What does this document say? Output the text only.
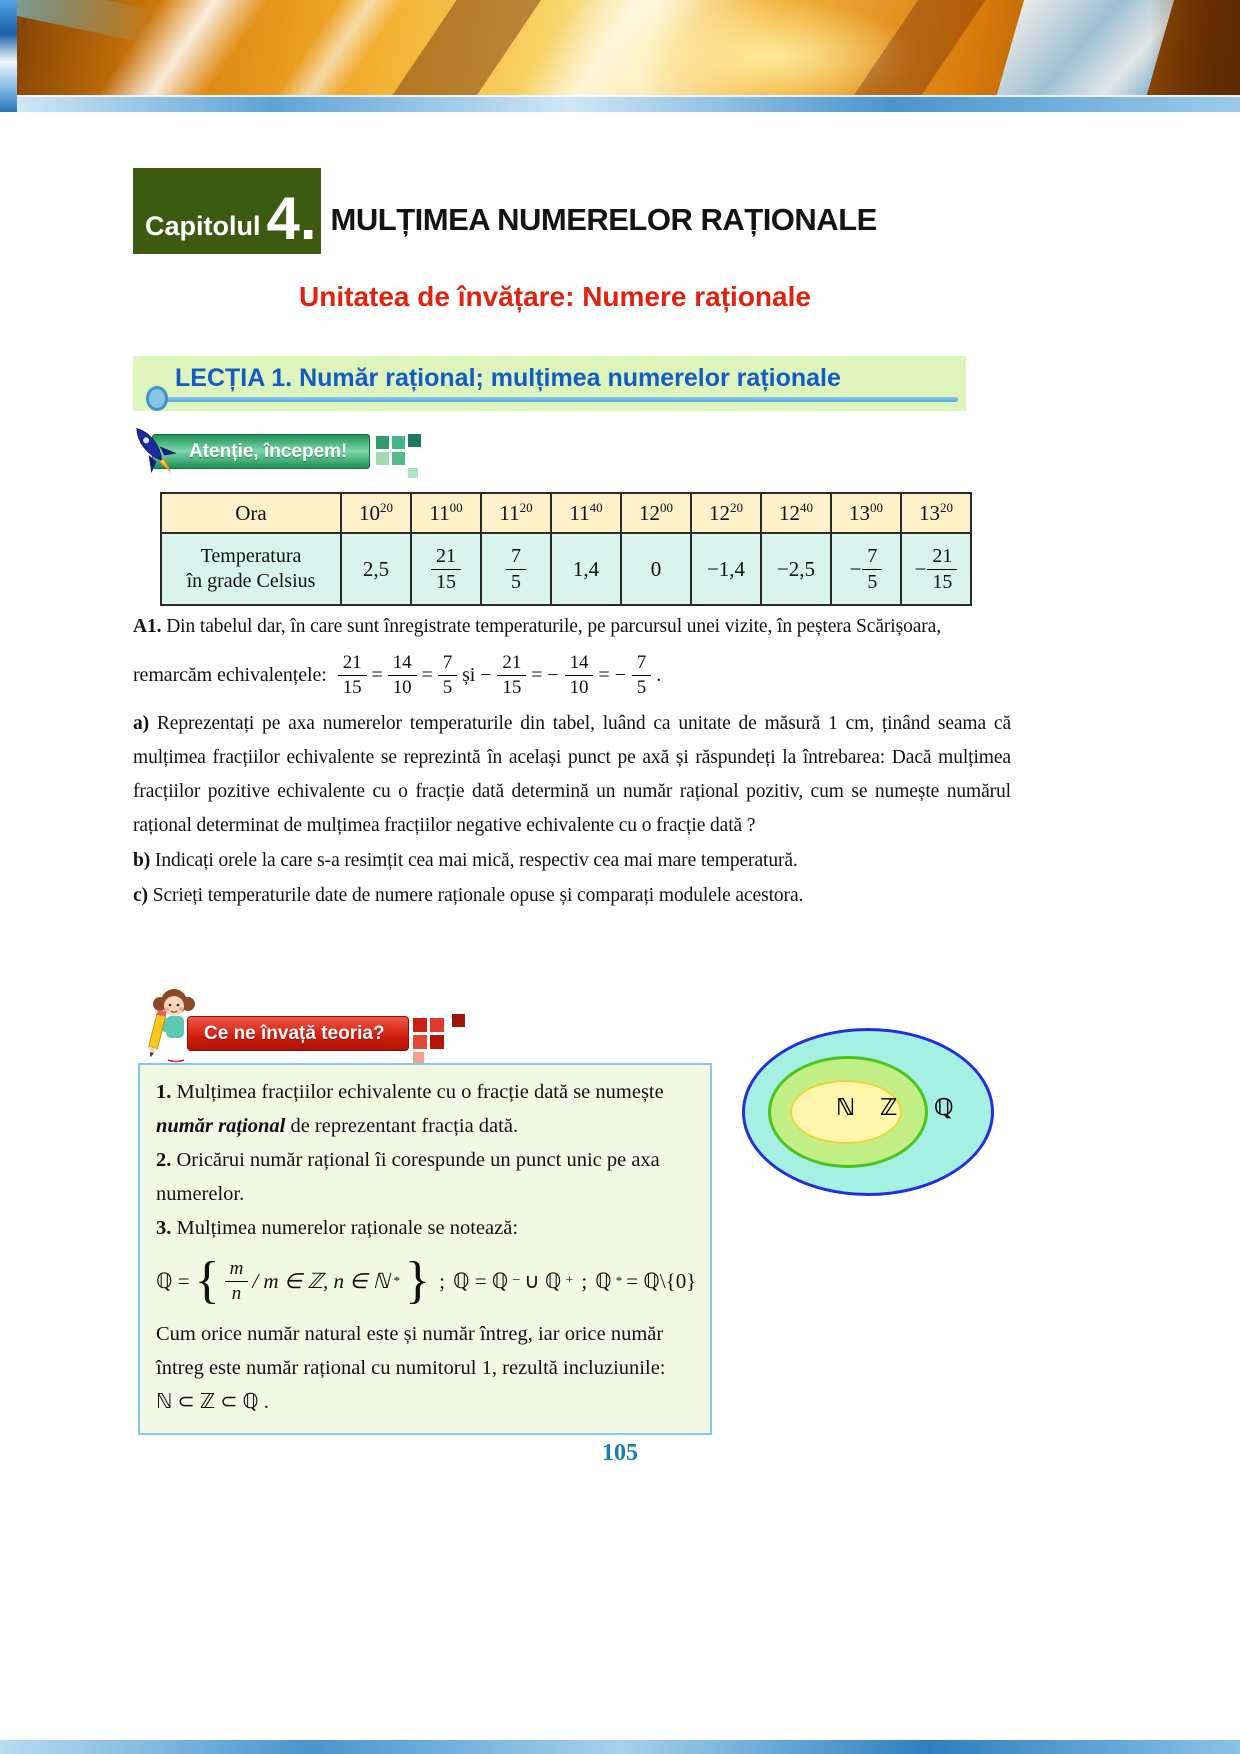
Capitolul 4. MULȚIMEA NUMERELOR RAȚIONALE
Unitatea de învățare: Numere raționale
LECȚIA 1. Număr rațional; mulțimea numerelor raționale
Atenție, începem!
Ora	$10^{20}$	$11^{00}$	$11^{20}$	$11^{40}$	$12^{00}$	$12^{20}$	$12^{40}$	$13^{00}$	$13^{20}$

Temperatura
în grade Celsius	2,5	$\frac{21}{15}$	$\frac{7}{5}$	1,4	0	−1,4	−2,5	− $\frac{7}{5}$	− $\frac{21}{15}$
A1. Din tabelul dar, în care sunt înregistrate temperaturile, pe parcursul unei vizite, în peștera Scărișoara,
remarcăm echivalențele: $\frac{21}{15} = \frac{14}{10} = \frac{7}{5}$ și − $\frac{21}{15}$ = − $\frac{14}{10}$ = − $\frac{7}{5}$ .
a) Reprezentați pe axa numerelor temperaturile din tabel, luând ca unitate de măsură 1 cm, ținând seama că mulțimea fracțiilor echivalente se reprezintă în același punct pe axă și răspundeți la întrebarea: Dacă mulțimea fracțiilor pozitive echivalente cu o fracție dată determină un număr rațional pozitiv, cum se numește numărul rațional determinat de mulțimea fracțiilor negative echivalente cu o fracție dată ?
b) Indicați orele la care s-a resimțit cea mai mică, respectiv cea mai mare temperatură.
c) Scrieți temperaturile date de numere raționale opuse și comparați modulele acestora.
Ce ne învață teoria?
1. Mulțimea fracțiilor echivalente cu o fracție dată se numește
număr rațional de reprezentant fracția dată.
2. Oricărui număr rațional îi corespunde un punct unic pe axa
numerelor.
3. Mulțimea numerelor raționale se notează:
ℚ = { $\frac{m}{n}$ / m ∈ ℤ, n ∈ ℕ * } ; ℚ = ℚ − ∪ ℚ + ; ℚ * = ℚ\{0}
Cum orice număr natural este și număr întreg, iar orice număr
întreg este număr rațional cu numitorul 1, rezultă incluziunile:
ℕ ⊂ ℤ ⊂ ℚ .
ℕ ℤ ℚ
105
